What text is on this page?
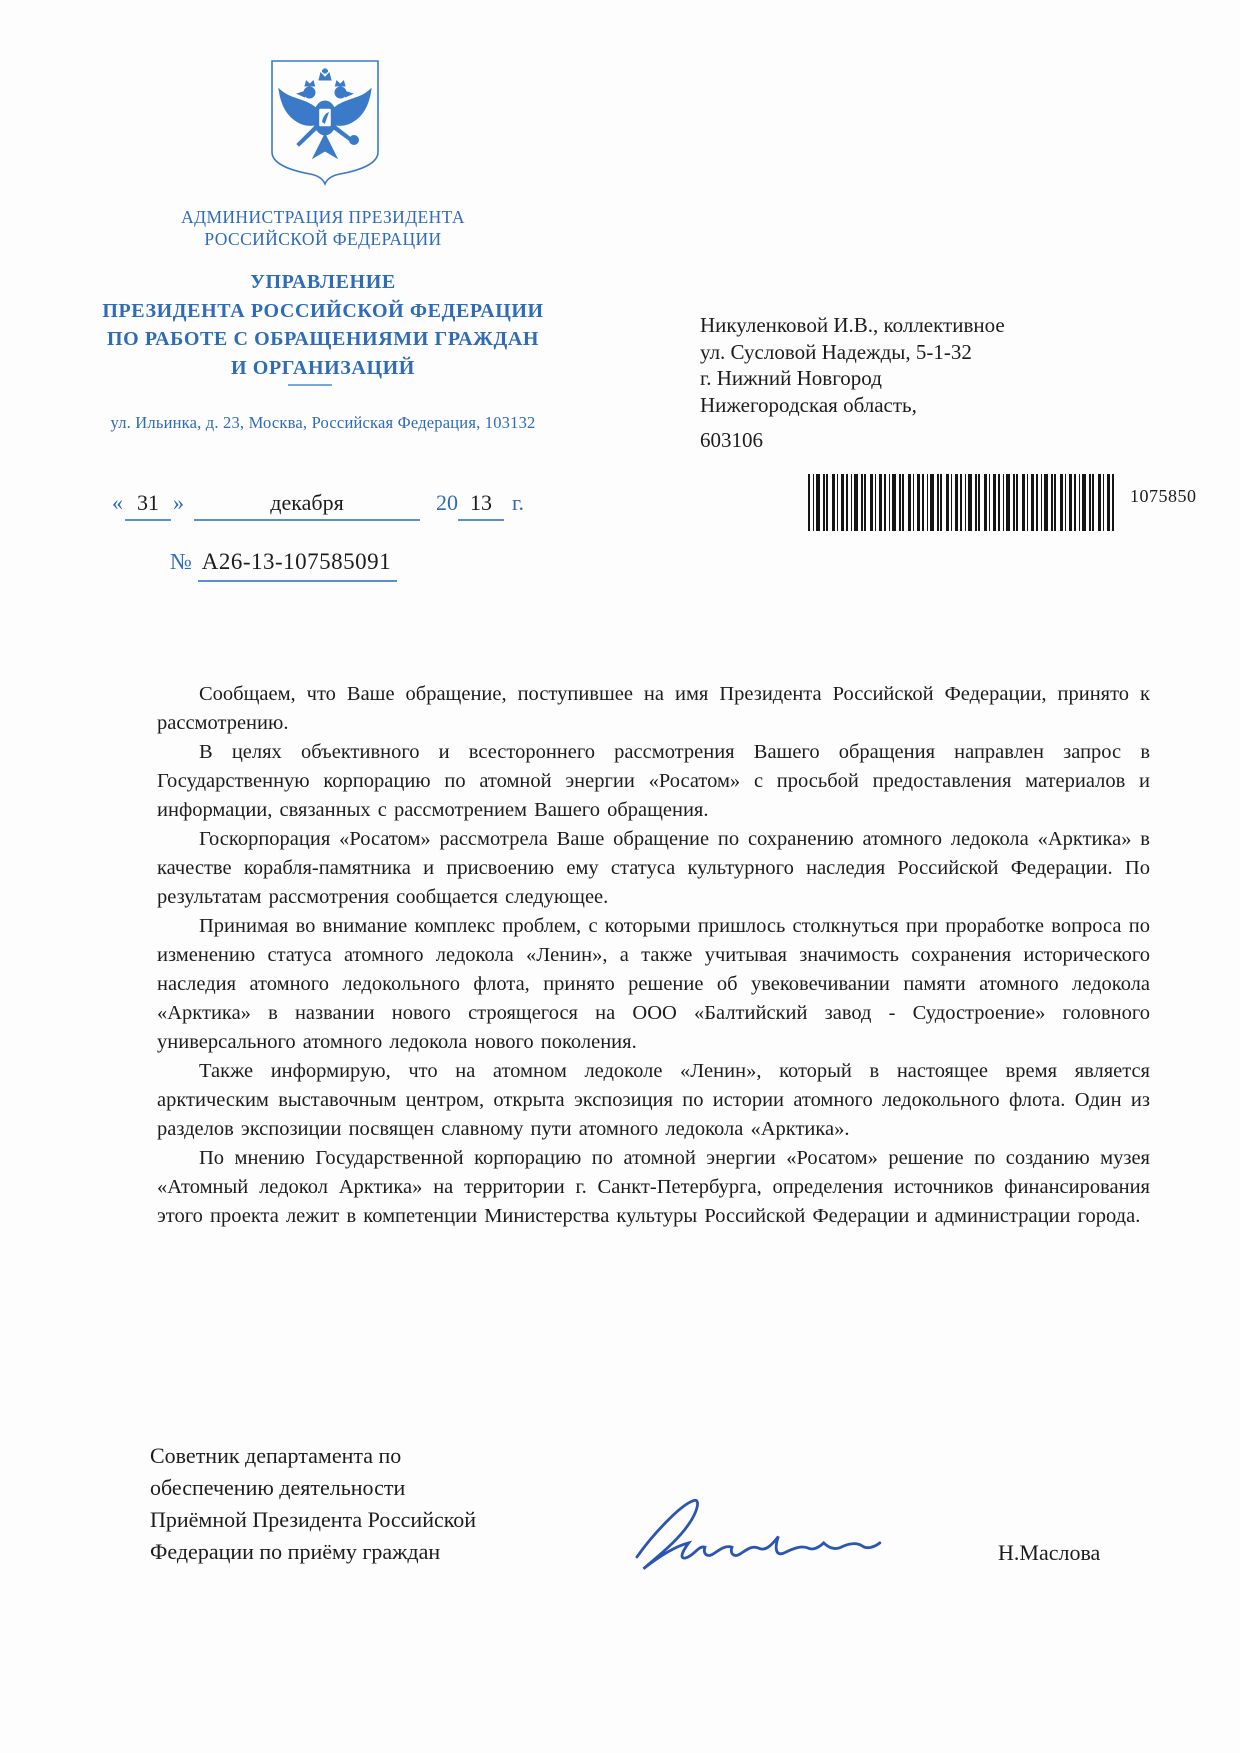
АДМИНИСТРАЦИЯ ПРЕЗИДЕНТА
РОССИЙСКОЙ ФЕДЕРАЦИИ
УПРАВЛЕНИЕ
ПРЕЗИДЕНТА РОССИЙСКОЙ ФЕДЕРАЦИИ
ПО РАБОТЕ С ОБРАЩЕНИЯМИ ГРАЖДАН
И ОРГАНИЗАЦИЙ
ул. Ильинка, д. 23, Москва, Российская Федерация, 103132
Никуленковой И.В., коллективное
ул. Сусловой Надежды, 5-1-32
г. Нижний Новгород
Нижегородская область,
603106
« 31 »	декабря	20 13 г.
№ А26-13-107585091
1075850

Сообщаем, что Ваше обращение, поступившее на имя Президента Российской Федерации, принято к рассмотрению.

В целях объективного и всестороннего рассмотрения Вашего обращения направлен запрос в Государственную корпорацию по атомной энергии «Росатом» с просьбой предоставления материалов и информации, связанных с рассмотрением Вашего обращения.

Госкорпорация «Росатом» рассмотрела Ваше обращение по сохранению атомного ледокола «Арктика» в качестве корабля-памятника и присвоению ему статуса культурного наследия Российской Федерации. По результатам рассмотрения сообщается следующее.

Принимая во внимание комплекс проблем, с которыми пришлось столкнуться при проработке вопроса по изменению статуса атомного ледокола «Ленин», а также учитывая значимость сохранения исторического наследия атомного ледокольного флота, принято решение об увековечивании памяти атомного ледокола «Арктика» в названии нового строящегося на ООО «Балтийский завод - Судостроение» головного универсального атомного ледокола нового поколения.

Также информирую, что на атомном ледоколе «Ленин», который в настоящее время является арктическим выставочным центром, открыта экспозиция по истории атомного ледокольного флота. Один из разделов экспозиции посвящен славному пути атомного ледокола «Арктика».

По мнению Государственной корпорацию по атомной энергии «Росатом» решение по созданию музея «Атомный ледокол Арктика» на территории г. Санкт-Петербурга, определения источников финансирования этого проекта лежит в компетенции Министерства культуры Российской Федерации и администрации города.

Советник департамента по
обеспечению деятельности
Приёмной Президента Российской
Федерации по приёму граждан	Н.Маслова
